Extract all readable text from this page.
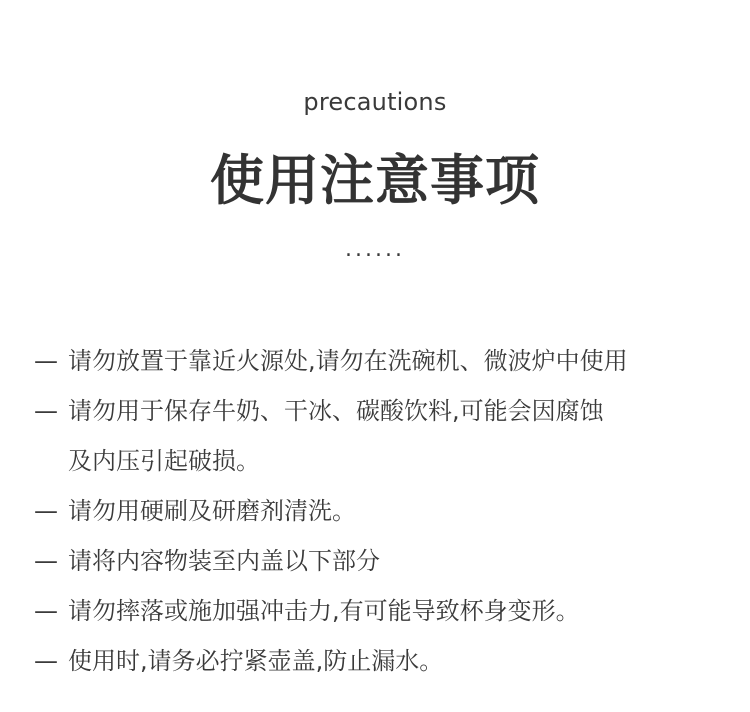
precautions
使用注意事项
......
— 请勿放置于靠近火源处,请勿在洗碗机、微波炉中使用
— 请勿用于保存牛奶、干冰、碳酸饮料,可能会因腐蚀
及内压引起破损。
— 请勿用硬刷及研磨剂清洗。
— 请将内容物装至内盖以下部分
— 请勿摔落或施加强冲击力,有可能导致杯身变形。
— 使用时,请务必拧紧壶盖,防止漏水。
